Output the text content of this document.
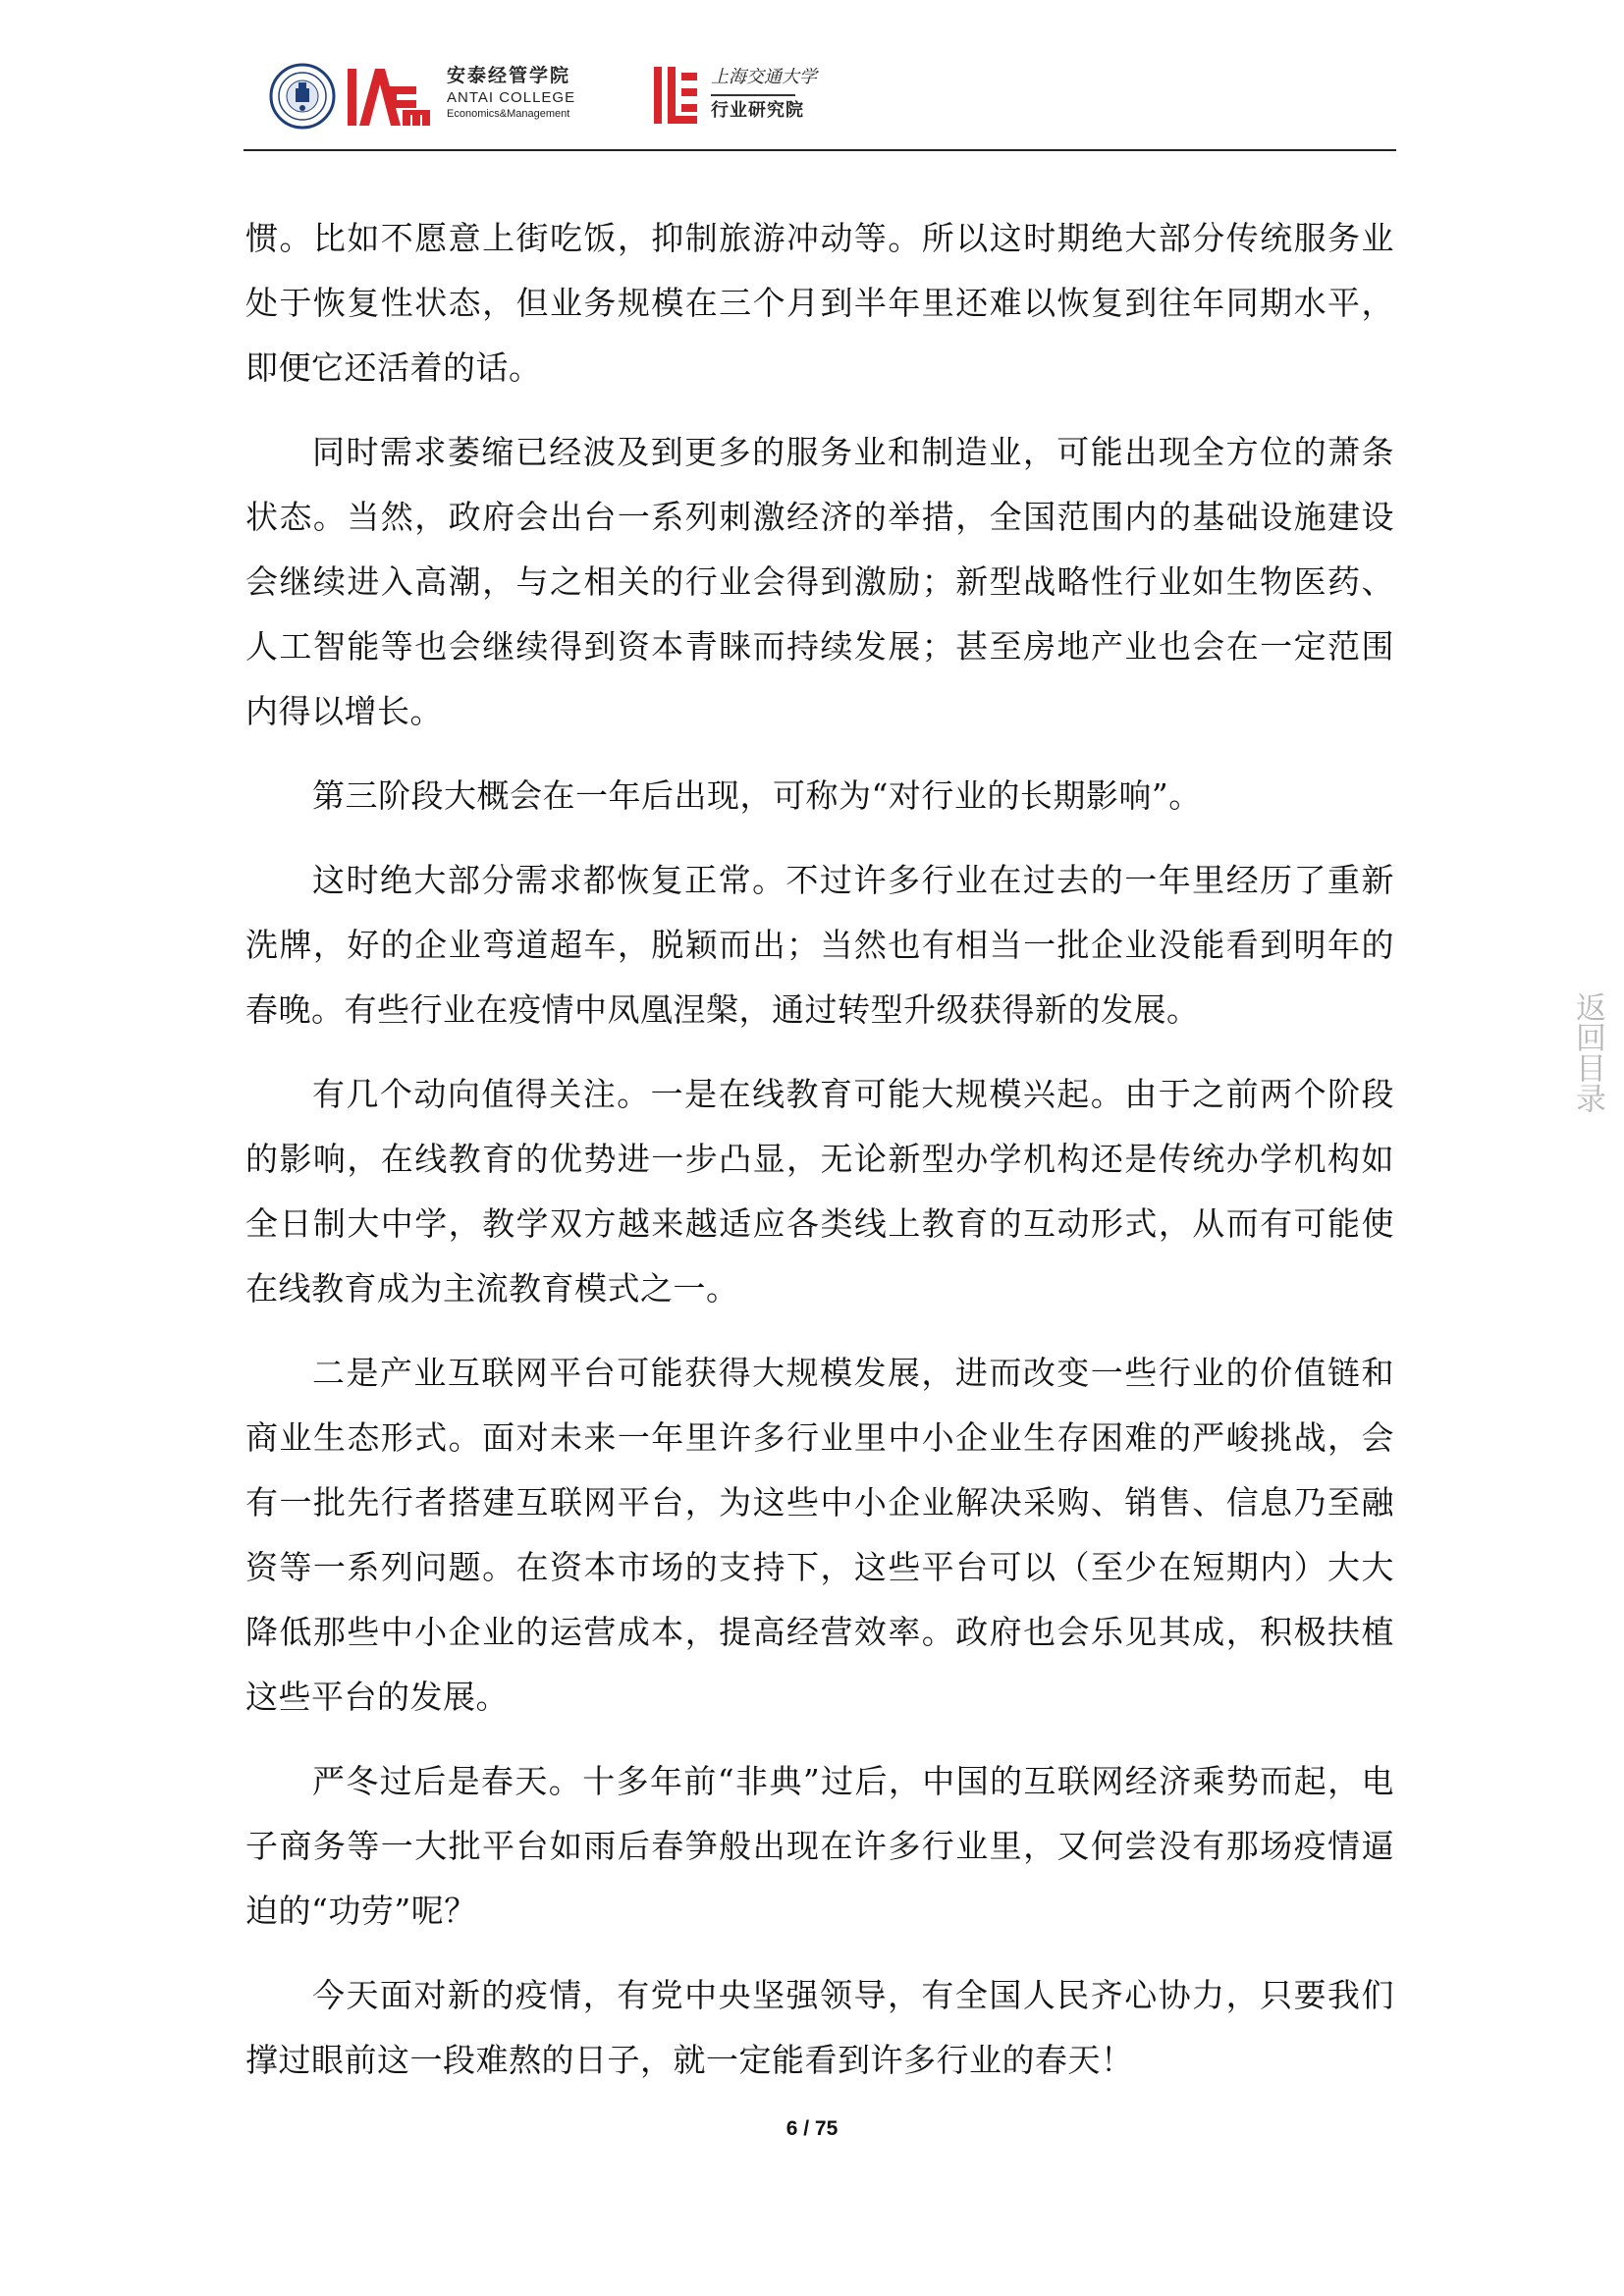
安泰经管学院
ANTAI COLLEGE
Economics&Management
上海交通大学
行业研究院

惯。比如不愿意上街吃饭，抑制旅游冲动等。所以这时期绝大部分传统服务业处于恢复性状态，但业务规模在三个月到半年里还难以恢复到往年同期水平，即便它还活着的话。

同时需求萎缩已经波及到更多的服务业和制造业，可能出现全方位的萧条状态。当然，政府会出台一系列刺激经济的举措，全国范围内的基础设施建设会继续进入高潮，与之相关的行业会得到激励；新型战略性行业如生物医药、人工智能等也会继续得到资本青睐而持续发展；甚至房地产业也会在一定范围内得以增长。

第三阶段大概会在一年后出现，可称为“对行业的长期影响”。

这时绝大部分需求都恢复正常。不过许多行业在过去的一年里经历了重新洗牌，好的企业弯道超车，脱颖而出；当然也有相当一批企业没能看到明年的春晚。有些行业在疫情中凤凰涅槃，通过转型升级获得新的发展。

有几个动向值得关注。一是在线教育可能大规模兴起。由于之前两个阶段的影响，在线教育的优势进一步凸显，无论新型办学机构还是传统办学机构如全日制大中学，教学双方越来越适应各类线上教育的互动形式，从而有可能使在线教育成为主流教育模式之一。

二是产业互联网平台可能获得大规模发展，进而改变一些行业的价值链和商业生态形式。面对未来一年里许多行业里中小企业生存困难的严峻挑战，会有一批先行者搭建互联网平台，为这些中小企业解决采购、销售、信息乃至融资等一系列问题。在资本市场的支持下，这些平台可以（至少在短期内）大大降低那些中小企业的运营成本，提高经营效率。政府也会乐见其成，积极扶植这些平台的发展。

严冬过后是春天。十多年前“非典”过后，中国的互联网经济乘势而起，电子商务等一大批平台如雨后春笋般出现在许多行业里，又何尝没有那场疫情逼迫的“功劳”呢？

今天面对新的疫情，有党中央坚强领导，有全国人民齐心协力，只要我们撑过眼前这一段难熬的日子，就一定能看到许多行业的春天！

返回目录
6 / 75
